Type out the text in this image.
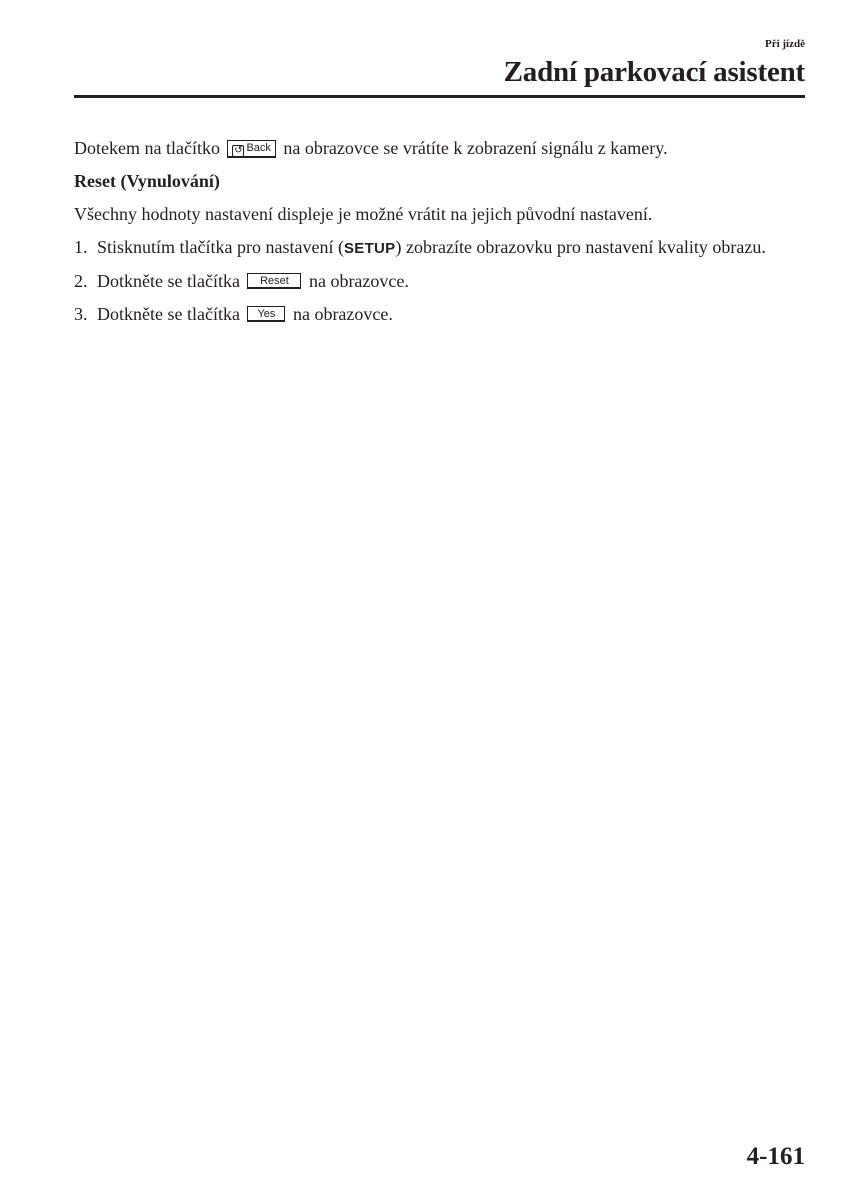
Při jízdě
Zadní parkovací asistent

Dotekem na tlačítko ↺ Back na obrazovce se vrátíte k zobrazení signálu z kamery.

Reset (Vynulování)

Všechny hodnoty nastavení displeje je možné vrátit na jejich původní nastavení.

1. Stisknutím tlačítka pro nastavení (SETUP) zobrazíte obrazovku pro nastavení kvality obrazu.
2. Dotkněte se tlačítka Reset na obrazovce.
3. Dotkněte se tlačítka Yes na obrazovce.
4-161
